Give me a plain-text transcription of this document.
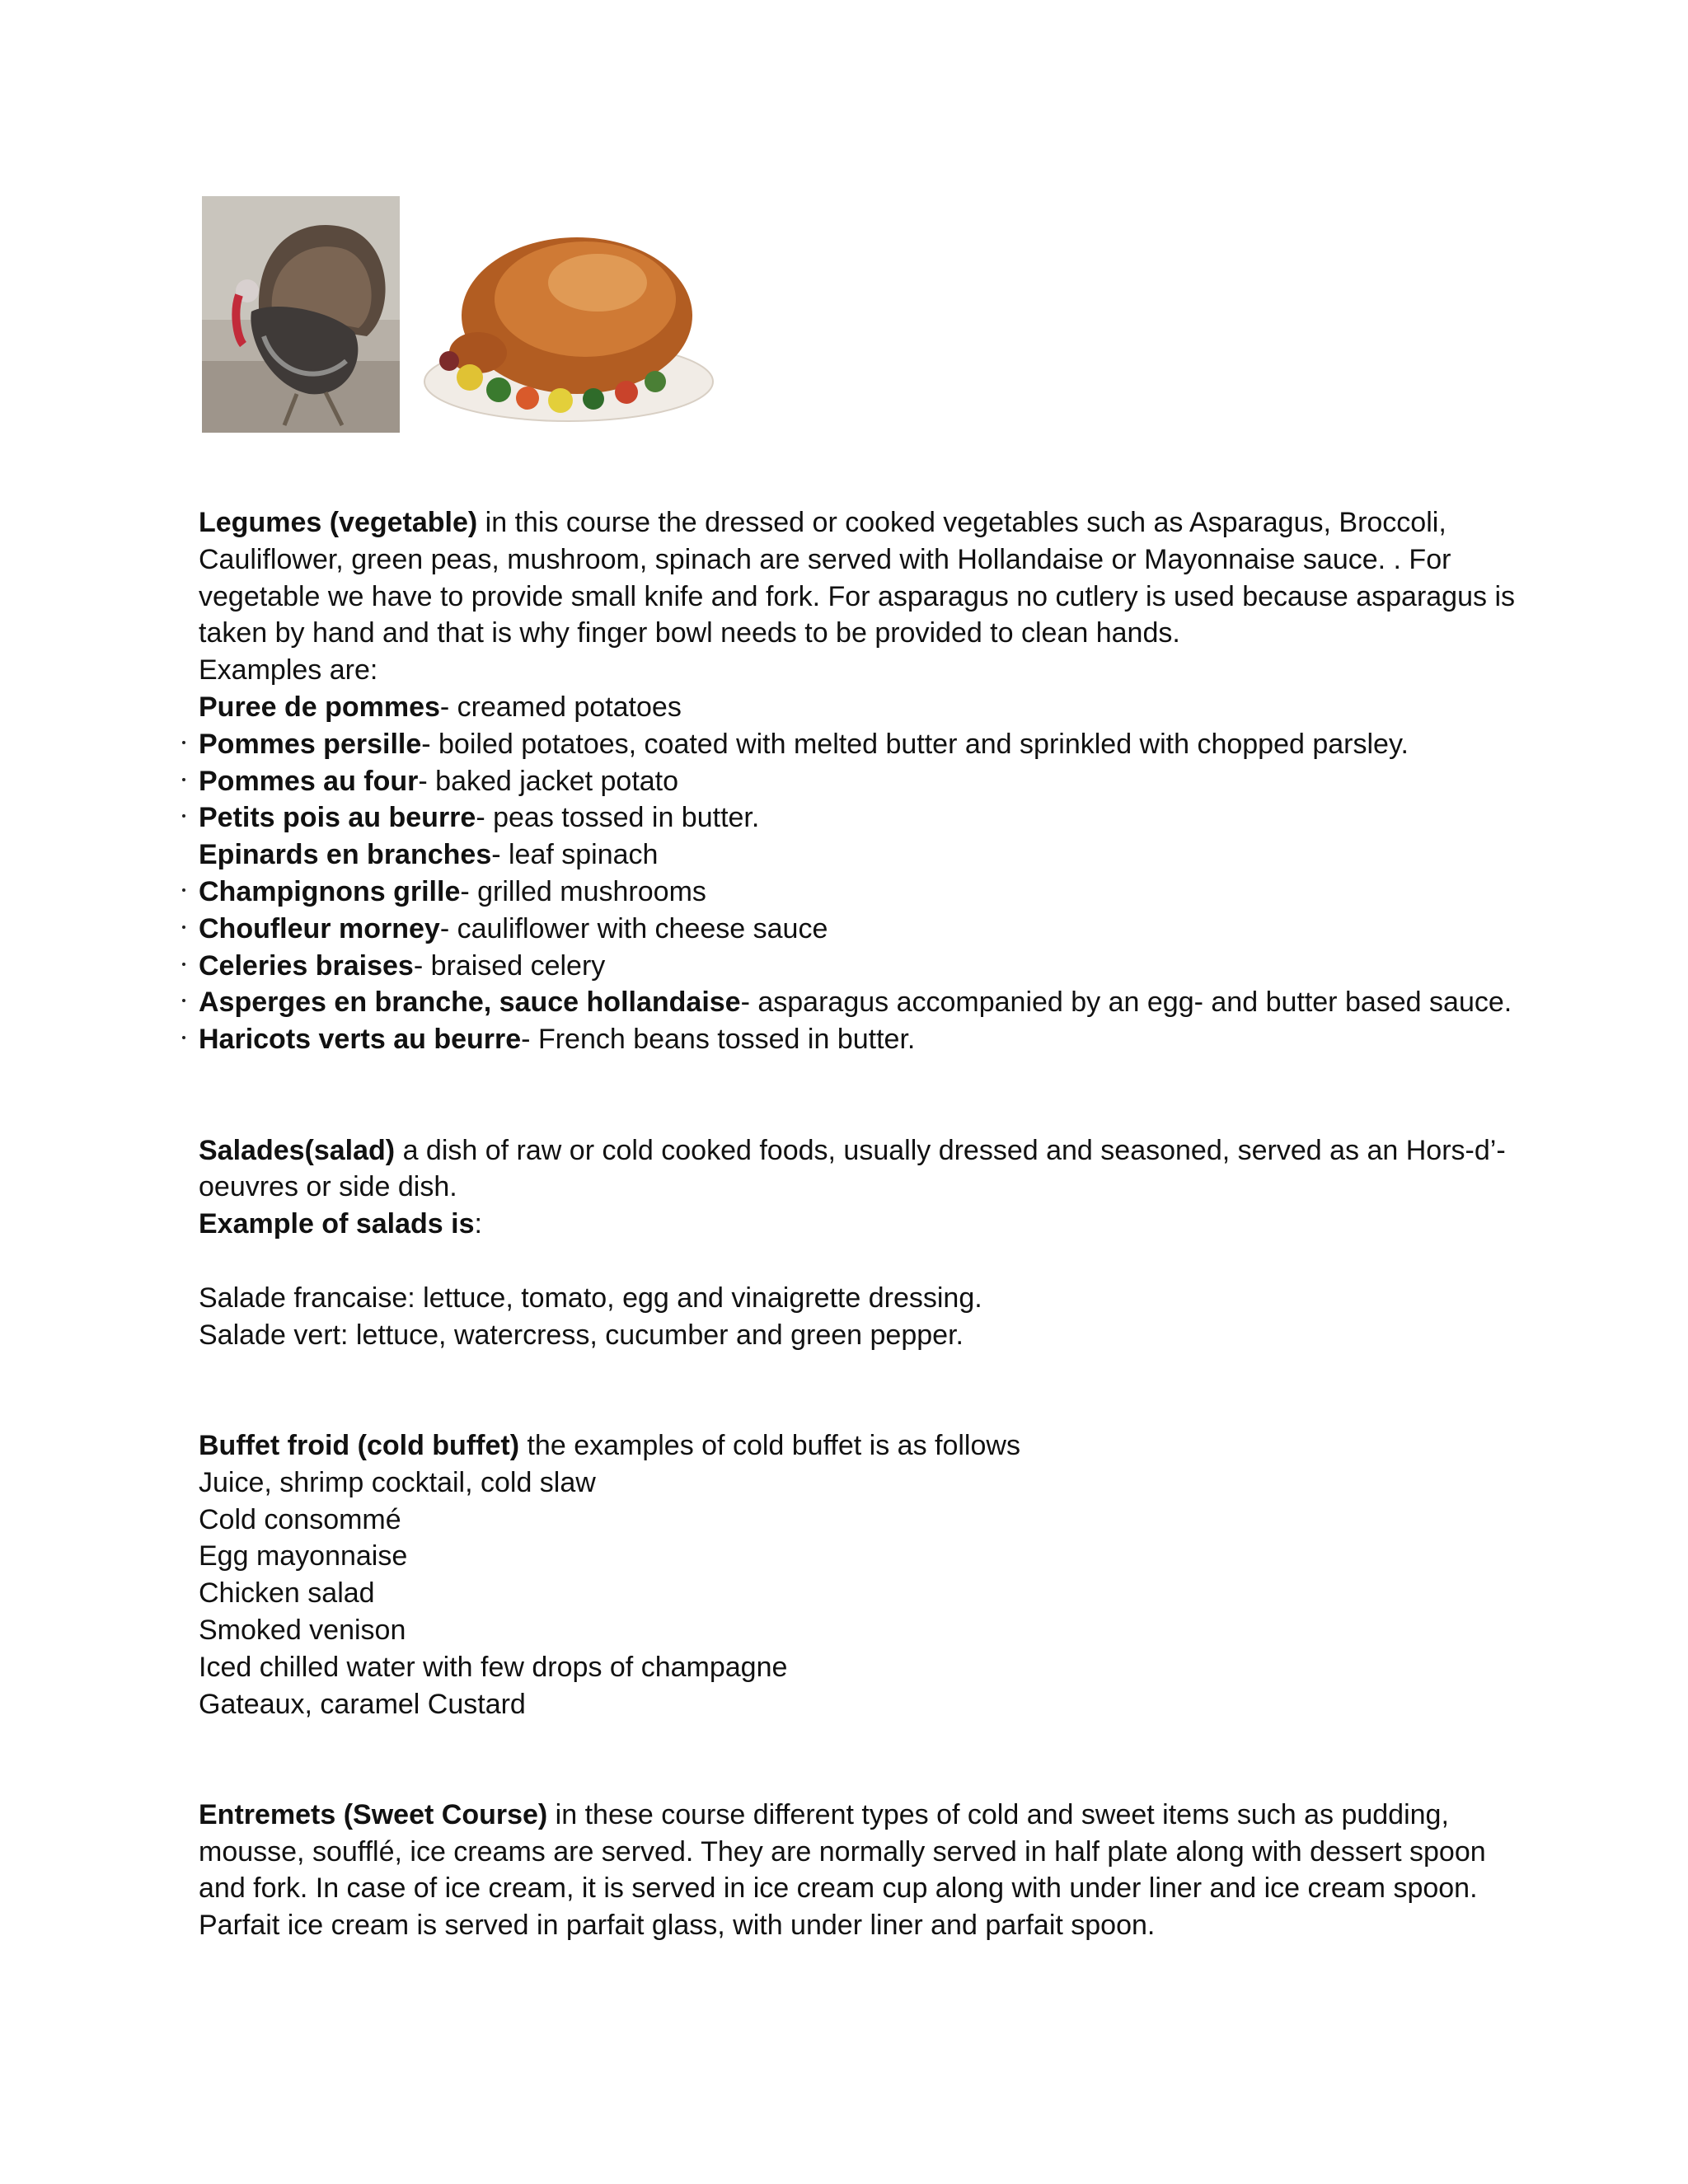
Legumes (vegetable) in this course the dressed or cooked vegetables such as Asparagus, Broccoli,
Cauliflower, green peas, mushroom, spinach are served with Hollandaise or Mayonnaise sauce. . For
vegetable we have to provide small knife and fork. For asparagus no cutlery is used because asparagus is
taken by hand and that is why finger bowl needs to be provided to clean hands.
Examples are:
Puree de pommes- creamed potatoes
Pommes persille- boiled potatoes, coated with melted butter and sprinkled with chopped parsley.
Pommes au four- baked jacket potato
Petits pois au beurre- peas tossed in butter.
Epinards en branches- leaf spinach
Champignons grille- grilled mushrooms
Choufleur morney- cauliflower with cheese sauce
Celeries braises- braised celery
Asperges en branche, sauce hollandaise- asparagus accompanied by an egg- and butter based sauce.
Haricots verts au beurre- French beans tossed in butter.
Salades(salad) a dish of raw or cold cooked foods, usually dressed and seasoned, served as an Hors-d’-
oeuvres or side dish.
Example of salads is:
Salade francaise: lettuce, tomato, egg and vinaigrette dressing.
Salade vert: lettuce, watercress, cucumber and green pepper.
Buffet froid (cold buffet) the examples of cold buffet is as follows
Juice, shrimp cocktail, cold slaw
Cold consommé
Egg mayonnaise
Chicken salad
Smoked venison
Iced chilled water with few drops of champagne
Gateaux, caramel Custard
Entremets (Sweet Course) in these course different types of cold and sweet items such as pudding,
mousse, soufflé, ice creams are served. They are normally served in half plate along with dessert spoon
and fork. In case of ice cream, it is served in ice cream cup along with under liner and ice cream spoon.
Parfait ice cream is served in parfait glass, with under liner and parfait spoon.
